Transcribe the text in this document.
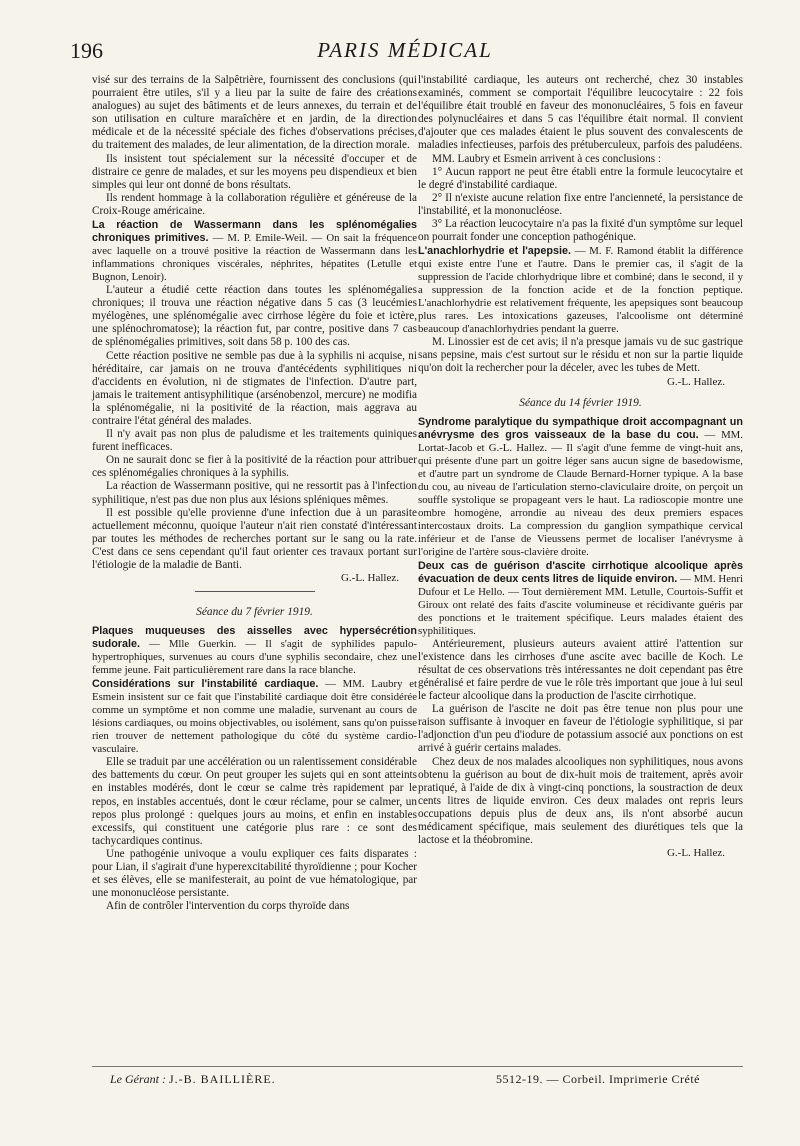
196	PARIS MÉDICAL

visé sur des terrains de la Salpêtrière, fournissent des conclusions (qui pourraient être utiles, s'il y a lieu par la suite de faire des créations analogues) au sujet des bâtiments et de leurs annexes, du terrain et de son utilisation en culture maraîchère et en jardin, de la direction médicale et de la nécessité spéciale des fiches d'observations précises, du traitement des malades, de leur alimentation, de la direction morale.

Ils insistent tout spécialement sur la nécessité d'occuper et de distraire ce genre de malades, et sur les moyens peu dispendieux et bien simples qui leur ont donné de bons résultats.

Ils rendent hommage à la collaboration régulière et généreuse de la Croix-Rouge américaine.

La réaction de Wassermann dans les splénomégalies chroniques primitives. — M. P. Emile-Weil. — On sait la fréquence avec laquelle on a trouvé positive la réaction de Wassermann dans les inflammations chroniques viscérales, néphrites, hépatites (Letulle et Bugnon, Lenoir).

L'auteur a étudié cette réaction dans toutes les splénomégalies chroniques; il trouva une réaction négative dans 5 cas (3 leucémies myélogènes, une splénomégalie avec cirrhose légère du foie et ictère, une splénochromatose); la réaction fut, par contre, positive dans 7 cas de splénomégalies primitives, soit dans 58 p. 100 des cas.

Cette réaction positive ne semble pas due à la syphilis ni acquise, ni héréditaire, car jamais on ne trouva d'antécédents syphilitiques ni d'accidents en évolution, ni de stigmates de l'infection. D'autre part, jamais le traitement antisyphilitique (arsénobenzol, mercure) ne modifia la splénomégalie, ni la positivité de la réaction, mais aggrava au contraire l'état général des malades.

Il n'y avait pas non plus de paludisme et les traitements quiniques furent inefficaces.

On ne saurait donc se fier à la positivité de la réaction pour attribuer ces splénomégalies chroniques à la syphilis.

La réaction de Wassermann positive, qui ne ressortit pas à l'infection syphilitique, n'est pas due non plus aux lésions spléniques mêmes.

Il est possible qu'elle provienne d'une infection due à un parasite actuellement méconnu, quoique l'auteur n'ait rien constaté d'intéressant par toutes les méthodes de recherches portant sur le sang ou la rate. C'est dans ce sens cependant qu'il faut orienter ces travaux portant sur l'étiologie de la maladie de Banti.

G.-L. Hallez.
Séance du 7 février 1919.
Plaques muqueuses des aisselles avec hypersécrétion sudorale. — Mlle Guerkin. — Il s'agit de syphilides papulo-hypertrophiques, survenues au cours d'une syphilis secondaire, chez une femme jeune. Fait particulièrement rare dans la race blanche.
Considérations sur l'instabilité cardiaque. — MM. Laubry et Esmein insistent sur ce fait que l'instabilité cardiaque doit être considérée comme un symptôme et non comme une maladie, survenant au cours de lésions cardiaques, ou moins objectivables, ou isolément, sans qu'on puisse rien trouver de nettement pathologique du côté du système cardio-vasculaire.

Elle se traduit par une accélération ou un ralentissement considérable des battements du cœur. On peut grouper les sujets qui en sont atteints en instables modérés, dont le cœur se calme très rapidement par le repos, en instables accentués, dont le cœur réclame, pour se calmer, un repos plus prolongé : quelques jours au moins, et enfin en instables excessifs, qui constituent une catégorie plus rare : ce sont des tachycardiques continus.

Une pathogénie univoque a voulu expliquer ces faits disparates : pour Lian, il s'agirait d'une hyperexcitabilité thyroïdienne ; pour Kocher et ses élèves, elle se manifesterait, au point de vue hématologique, par une mononucléose persistante.

Afin de contrôler l'intervention du corps thyroïde dans

l'instabilité cardiaque, les auteurs ont recherché, chez 30 instables examinés, comment se comportait l'équilibre leucocytaire : 22 fois l'équilibre était troublé en faveur des mononucléaires, 5 fois en faveur des polynucléaires et dans 5 cas l'équilibre était normal. Il convient d'ajouter que ces malades étaient le plus souvent des convalescents de maladies infectieuses, parfois des prétuberculeux, parfois des paludéens.

MM. Laubry et Esmein arrivent à ces conclusions :

1° Aucun rapport ne peut être établi entre la formule leucocytaire et le degré d'instabilité cardiaque.

2° Il n'existe aucune relation fixe entre l'ancienneté, la persistance de l'instabilité, et la mononucléose.

3° La réaction leucocytaire n'a pas la fixité d'un symptôme sur lequel on pourrait fonder une conception pathogénique.

L'anachlorhydrie et l'apepsie. — M. F. Ramond établit la différence qui existe entre l'une et l'autre. Dans le premier cas, il s'agit de la suppression de l'acide chlorhydrique libre et combiné; dans le second, il y a suppression de la fonction acide et de la fonction peptique. L'anachlorhydrie est relativement fréquente, les apepsiques sont beaucoup plus rares. Les intoxications gazeuses, l'alcoolisme ont déterminé beaucoup d'anachlorhydries pendant la guerre.

M. Linossier est de cet avis; il n'a presque jamais vu de suc gastrique sans pepsine, mais c'est surtout sur le résidu et non sur la partie liquide qu'on doit la rechercher pour la déceler, avec les tubes de Mett.

G.-L. Hallez.
Séance du 14 février 1919.
Syndrome paralytique du sympathique droit accompagnant un anévrysme des gros vaisseaux de la base du cou. — MM. Lortat-Jacob et G.-L. Hallez. — Il s'agit d'une femme de vingt-huit ans, qui présente d'une part un goitre léger sans aucun signe de basedowisme, et d'autre part un syndrome de Claude Bernard-Horner typique. A la base du cou, au niveau de l'articulation sterno-claviculaire droite, on perçoit un souffle systolique se propageant vers le haut. La radioscopie montre une ombre homogène, arrondie au niveau des deux premiers espaces intercostaux droits. La compression du ganglion sympathique cervical inférieur et de l'anse de Vieussens permet de localiser l'anévrysme à l'origine de l'artère sous-clavière droite.
Deux cas de guérison d'ascite cirrhotique alcoolique après évacuation de deux cents litres de liquide environ. — MM. Henri Dufour et Le Hello. — Tout dernièrement MM. Letulle, Courtois-Suffit et Giroux ont relaté des faits d'ascite volumineuse et récidivante guéris par des ponctions et le traitement spécifique. Leurs malades étaient des syphilitiques.

Antérieurement, plusieurs auteurs avaient attiré l'attention sur l'existence dans les cirrhoses d'une ascite avec bacille de Koch. Le résultat de ces observations très intéressantes ne doit cependant pas être généralisé et faire perdre de vue le rôle très important que joue à lui seul le facteur alcoolique dans la production de l'ascite cirrhotique.

La guérison de l'ascite ne doit pas être tenue non plus pour une raison suffisante à invoquer en faveur de l'étiologie syphilitique, si par l'adjonction d'un peu d'iodure de potassium associé aux ponctions on est arrivé à guérir certains malades.

Chez deux de nos malades alcooliques non syphilitiques, nous avons obtenu la guérison au bout de dix-huit mois de traitement, après avoir pratiqué, à l'aide de dix à vingt-cinq ponctions, la soustraction de deux cents litres de liquide environ. Ces deux malades ont repris leurs occupations depuis plus de deux ans, ils n'ont absorbé aucun médicament spécifique, mais seulement des diurétiques tels que la lactose et la théobromine.

G.-L. Hallez.
Le Gérant : J.-B. BAILLIÈRE.	5512-19. — Corbeil. Imprimerie Crété
